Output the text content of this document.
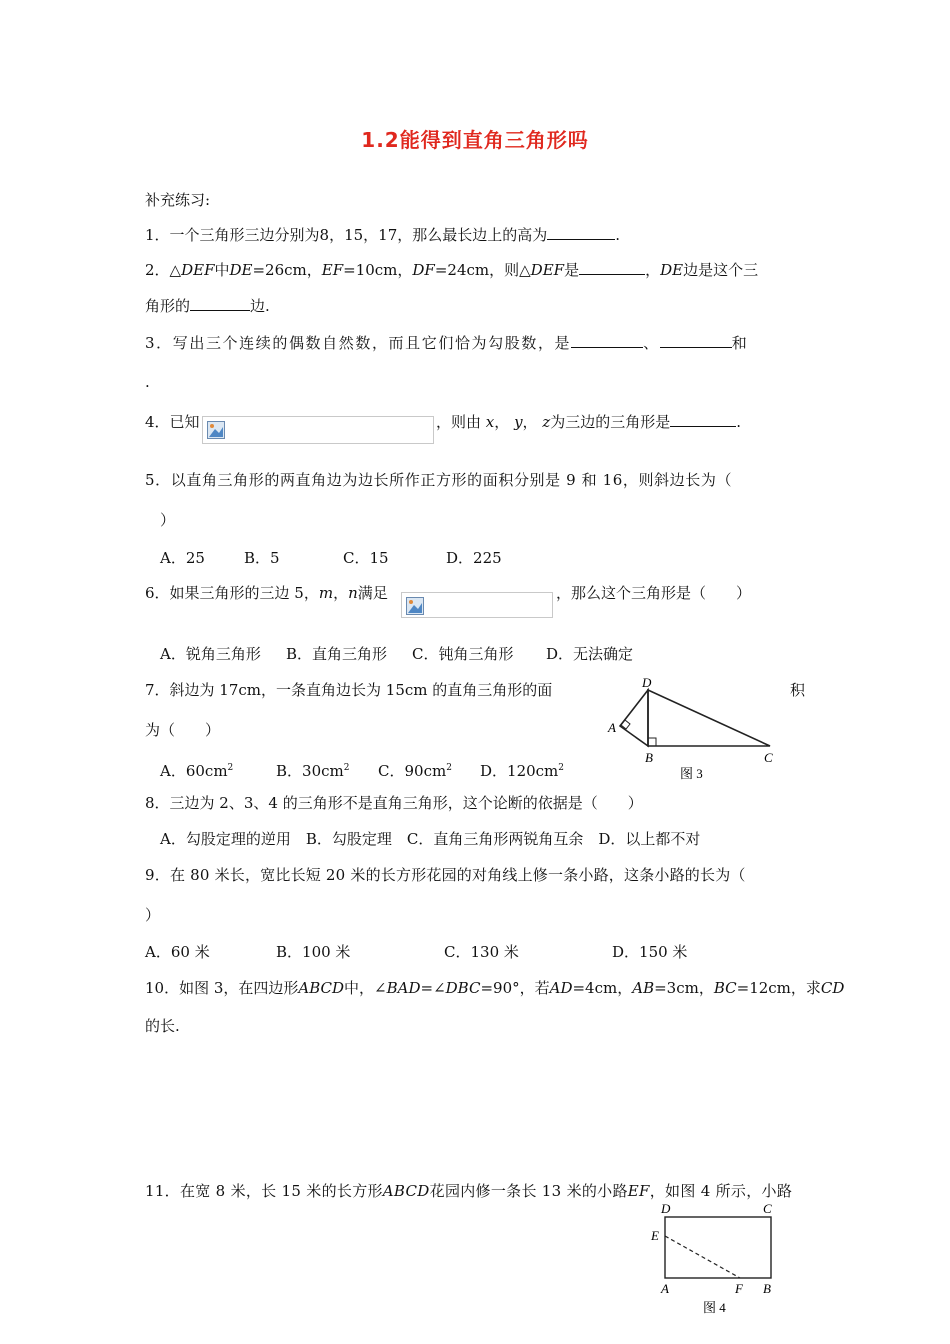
1.2能得到直角三角形吗
补充练习:
1．一个三角形三边分别为8，15，17，那么最长边上的高为	.
2．△DEF中DE=26cm，EF=10cm，DF=24cm，则△DEF是	，DE边是这个三
角形的	边.
3．写出三个连续的偶数自然数，而且它们恰为勾股数，是	、	和
.
4．已知	，则由 x， y， z为三边的三角形是	.
5．以直角三角形的两直角边为边长所作正方形的面积分别是 9 和 16，则斜边长为（
）
A．25	B．5	C．15	D．225
6．如果三角形的三边 5，m，n满足	，那么这个三角形是（　　）
A．锐角三角形 B．直角三角形 C．钝角三角形 D．无法确定
7．斜边为 17cm，一条直角边长为 15cm 的直角三角形的面	积
为（　　）
A．$60cm^2$	B．$30cm^2$ C．$90cm^2$ D．$120cm^2$
D
A
B	C
图 3
8．三边为 2、3、4 的三角形不是直角三角形，这个论断的依据是（　　）
A．勾股定理的逆用　B．勾股定理　C．直角三角形两锐角互余　D．以上都不对
9．在 80 米长，宽比长短 20 米的长方形花园的对角线上修一条小路，这条小路的长为（
）
A．60 米	B．100 米	C．130 米	D．150 米
10．如图 3，在四边形ABCD中，∠BAD=∠DBC=90°，若AD=4cm，AB=3cm，BC=12cm，求CD
的长.
11．在宽 8 米，长 15 米的长方形ABCD花园内修一条长 13 米的小路EF，如图 4 所示，小路
D	C
E
A	F B
图 4
